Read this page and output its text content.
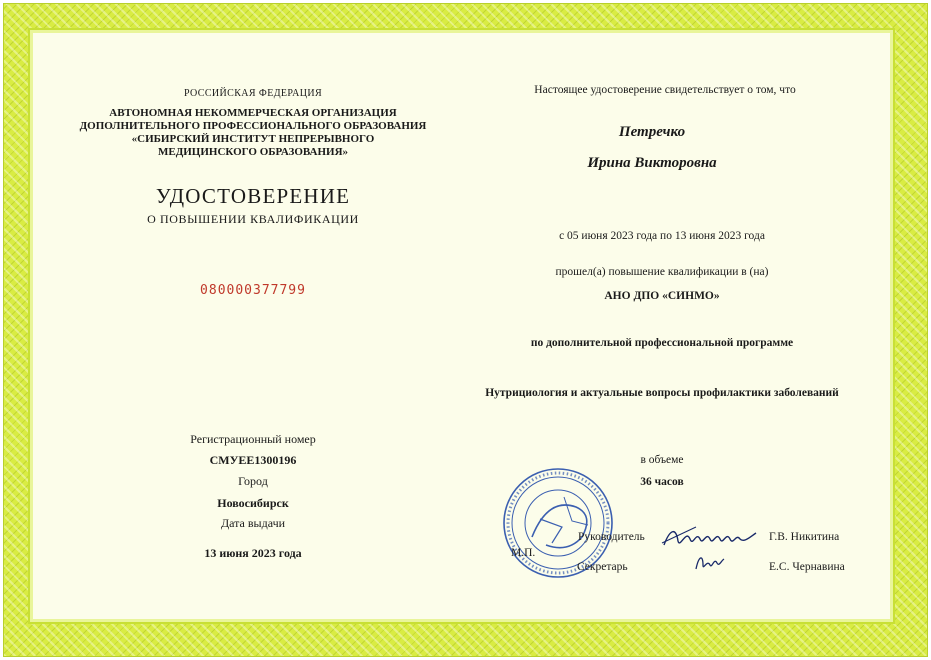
РОССИЙСКАЯ ФЕДЕРАЦИЯ
АВТОНОМНАЯ НЕКОММЕРЧЕСКАЯ ОРГАНИЗАЦИЯ
ДОПОЛНИТЕЛЬНОГО ПРОФЕССИОНАЛЬНОГО ОБРАЗОВАНИЯ
«СИБИРСКИЙ ИНСТИТУТ НЕПРЕРЫВНОГО
МЕДИЦИНСКОГО ОБРАЗОВАНИЯ»
УДОСТОВЕРЕНИЕ
О ПОВЫШЕНИИ КВАЛИФИКАЦИИ
080000377799
Регистрационный номер
СМУЕЕ1300196
Город
Новосибирск
Дата выдачи
13 июня 2023 года
Настоящее удостоверение свидетельствует о том, что
Петречко
Ирина Викторовна
с 05 июня 2023 года по 13 июня 2023 года
прошел(а) повышение квалификации в (на)
АНО ДПО «СИНМО»
по дополнительной профессиональной программе
Нутрициология и актуальные вопросы профилактики заболеваний
в объеме
36 часов
М.П.
Руководитель	Г.В. Никитина
Секретарь	Е.С. Чернавина
